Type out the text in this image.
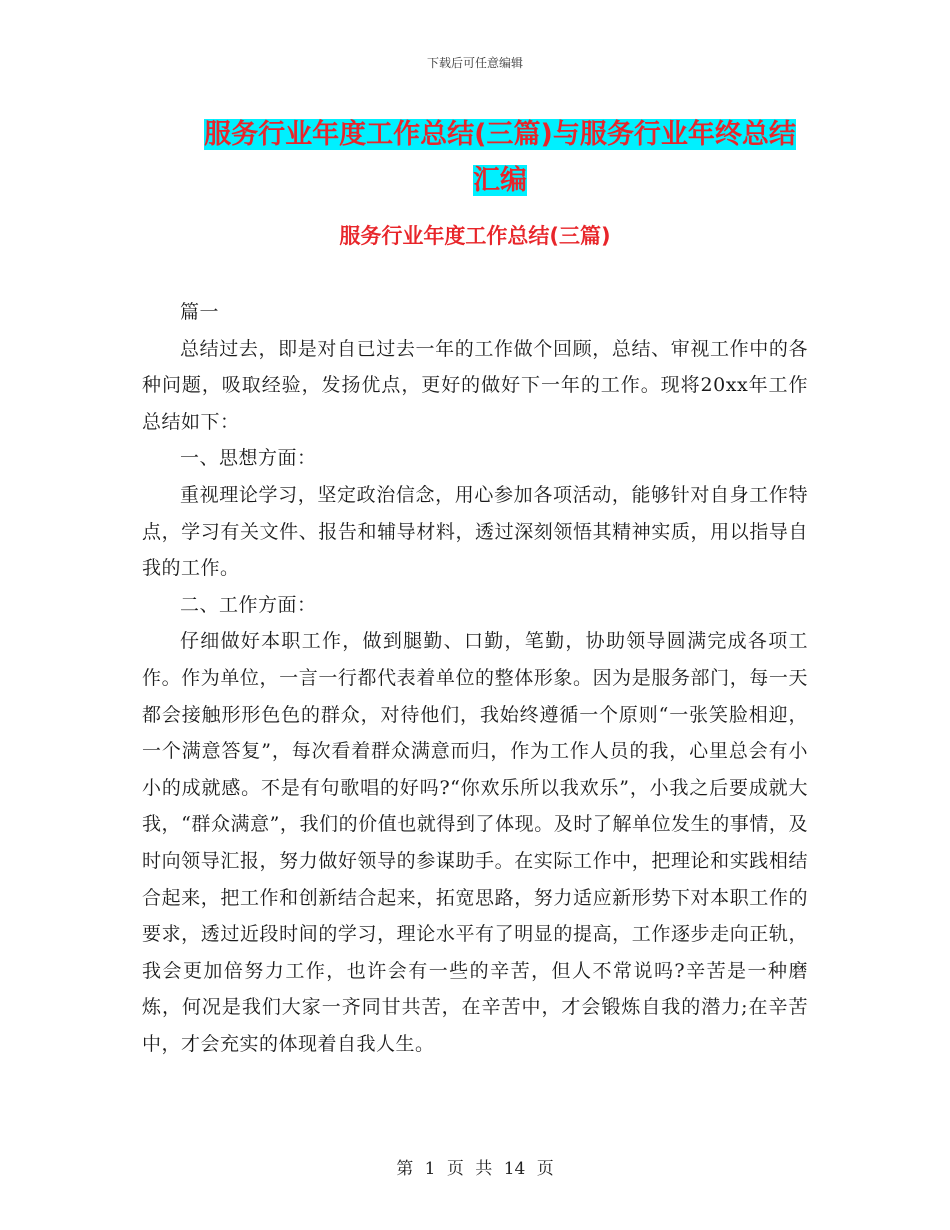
下载后可任意编辑
服务行业年度工作总结(三篇)与服务行业年终总结汇编
服务行业年度工作总结(三篇)

篇一

总结过去，即是对自已过去一年的工作做个回顾，总结、审视工作中的各种问题，吸取经验，发扬优点，更好的做好下一年的工作。现将20xx年工作总结如下：

一、思想方面：

重视理论学习，坚定政治信念，用心参加各项活动，能够针对自身工作特点，学习有关文件、报告和辅导材料，透过深刻领悟其精神实质，用以指导自我的工作。

二、工作方面：

仔细做好本职工作，做到腿勤、口勤，笔勤，协助领导圆满完成各项工作。作为单位，一言一行都代表着单位的整体形象。因为是服务部门，每一天都会接触形形色色的群众，对待他们，我始终遵循一个原则“一张笑脸相迎，一个满意答复”，每次看着群众满意而归，作为工作人员的我，心里总会有小小的成就感。不是有句歌唱的好吗?“你欢乐所以我欢乐”，小我之后要成就大我，“群众满意”，我们的价值也就得到了体现。及时了解单位发生的事情，及时向领导汇报，努力做好领导的参谋助手。在实际工作中，把理论和实践相结合起来，把工作和创新结合起来，拓宽思路，努力适应新形势下对本职工作的要求，透过近段时间的学习，理论水平有了明显的提高，工作逐步走向正轨，我会更加倍努力工作，也许会有一些的辛苦，但人不常说吗?辛苦是一种磨炼，何况是我们大家一齐同甘共苦，在辛苦中，才会锻炼自我的潜力;在辛苦中，才会充实的体现着自我人生。

第 1 页 共 14 页
